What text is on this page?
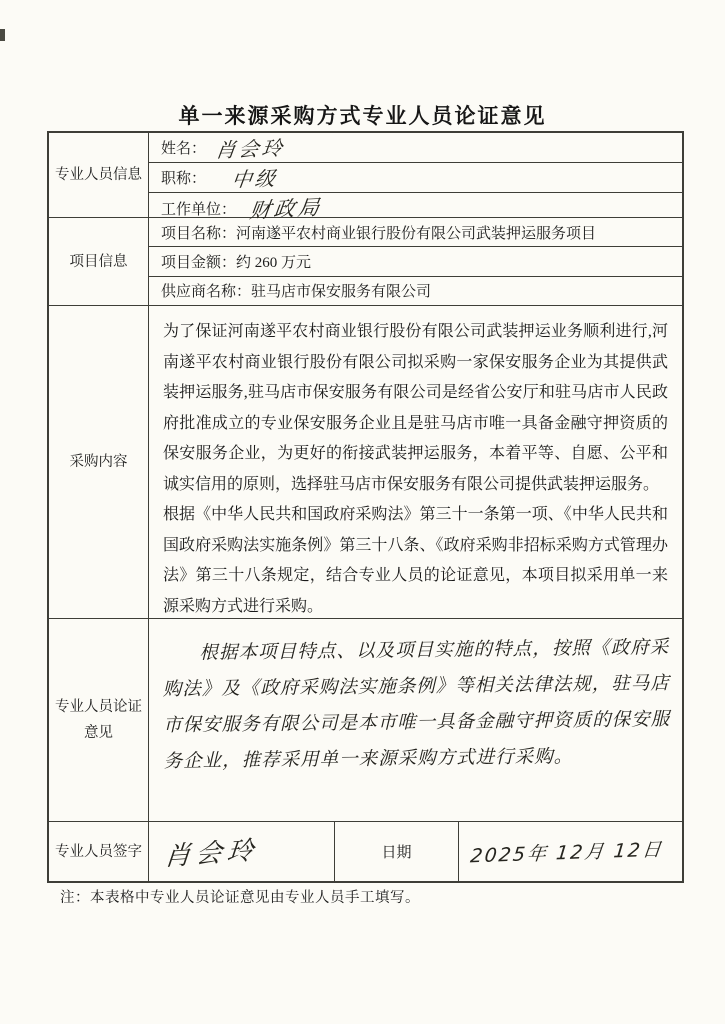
单一来源采购方式专业人员论证意见
专业人员信息
姓名： 肖会玲
职称： 中级
工作单位： 财政局
项目信息
项目名称： 河南遂平农村商业银行股份有限公司武装押运服务项目
项目金额： 约 260 万元
供应商名称： 驻马店市保安服务有限公司
采购内容

为了保证河南遂平农村商业银行股份有限公司武装押运业务顺利进行,河南遂平农村商业银行股份有限公司拟采购一家保安服务企业为其提供武装押运服务,驻马店市保安服务有限公司是经省公安厅和驻马店市人民政府批准成立的专业保安服务企业且是驻马店市唯一具备金融守押资质的保安服务企业，为更好的衔接武装押运服务，本着平等、自愿、公平和诚实信用的原则，选择驻马店市保安服务有限公司提供武装押运服务。

根据《中华人民共和国政府采购法》第三十一条第一项、《中华人民共和国政府采购法实施条例》第三十八条、《政府采购非招标采购方式管理办法》第三十八条规定，结合专业人员的论证意见，本项目拟采用单一来源采购方式进行采购。

专业人员论证意见
根据本项目特点、以及项目实施的特点，按照《政府采购法》及《政府采购法实施条例》等相关法律法规，驻马店市保安服务有限公司是本市唯一具备金融守押资质的保安服务企业，推荐采用单一来源采购方式进行采购。
专业人员签字 肖会玲	日期	2025年 12月 12日
注：本表格中专业人员论证意见由专业人员手工填写。
